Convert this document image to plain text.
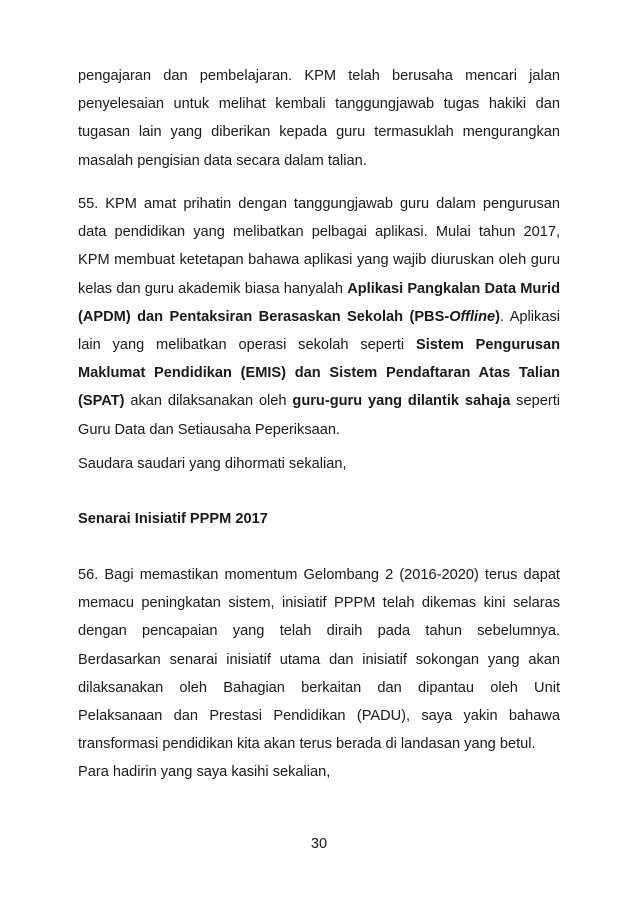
pengajaran dan pembelajaran. KPM telah berusaha mencari jalan penyelesaian untuk melihat kembali tanggungjawab tugas hakiki dan tugasan lain yang diberikan kepada guru termasuklah mengurangkan masalah pengisian data secara dalam talian.

55. KPM amat prihatin dengan tanggungjawab guru dalam pengurusan data pendidikan yang melibatkan pelbagai aplikasi. Mulai tahun 2017, KPM membuat ketetapan bahawa aplikasi yang wajib diuruskan oleh guru kelas dan guru akademik biasa hanyalah Aplikasi Pangkalan Data Murid (APDM) dan Pentaksiran Berasaskan Sekolah (PBS-Offline). Aplikasi lain yang melibatkan operasi sekolah seperti Sistem Pengurusan Maklumat Pendidikan (EMIS) dan Sistem Pendaftaran Atas Talian (SPAT) akan dilaksanakan oleh guru-guru yang dilantik sahaja seperti Guru Data dan Setiausaha Peperiksaan.

Saudara saudari yang dihormati sekalian,

Senarai Inisiatif PPPM 2017

56. Bagi memastikan momentum Gelombang 2 (2016-2020) terus dapat memacu peningkatan sistem, inisiatif PPPM telah dikemas kini selaras dengan pencapaian yang telah diraih pada tahun sebelumnya. Berdasarkan senarai inisiatif utama dan inisiatif sokongan yang akan dilaksanakan oleh Bahagian berkaitan dan dipantau oleh Unit Pelaksanaan dan Prestasi Pendidikan (PADU), saya yakin bahawa transformasi pendidikan kita akan terus berada di landasan yang betul.

Para hadirin yang saya kasihi sekalian,

30
